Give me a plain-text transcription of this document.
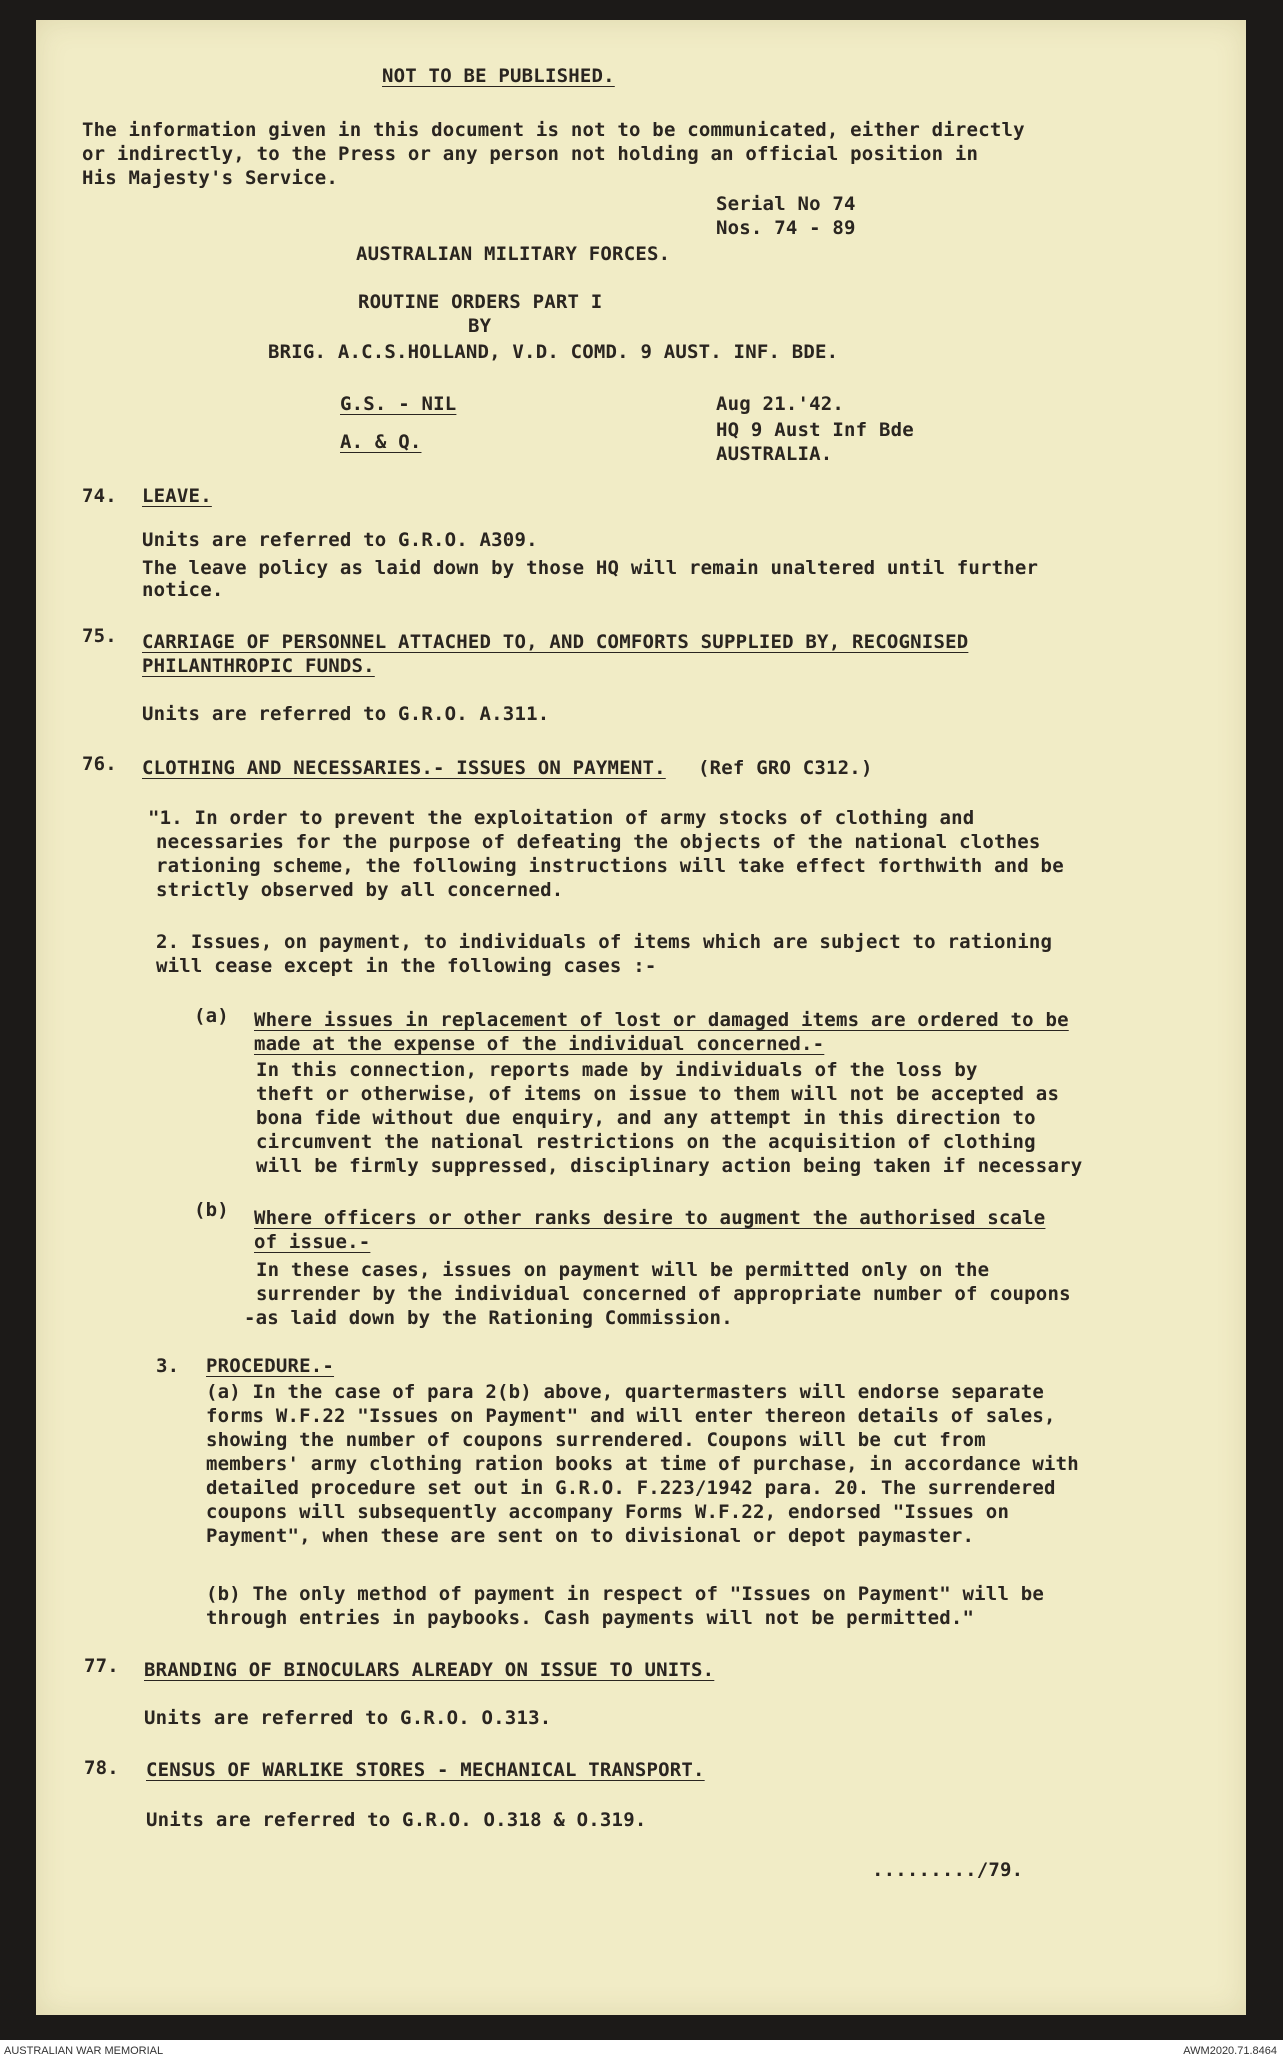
NOT TO BE PUBLISHED.
The information given in this document is not to be communicated, either directly
or indirectly, to the Press or any person not holding an official position in
His Majesty's Service.
Serial No 74
Nos. 74 - 89
AUSTRALIAN MILITARY FORCES.
ROUTINE ORDERS PART I
BY
BRIG. A.C.S.HOLLAND, V.D. COMD. 9 AUST. INF. BDE.
G.S. - NIL
A. & Q.
Aug 21.'42.
HQ 9 Aust Inf Bde
AUSTRALIA.
74. LEAVE.
Units are referred to G.R.O. A309.
The leave policy as laid down by those HQ will remain unaltered until further
notice.
75. CARRIAGE OF PERSONNEL ATTACHED TO, AND COMFORTS SUPPLIED BY, RECOGNISED
PHILANTHROPIC FUNDS.
Units are referred to G.R.O. A.311.
76. CLOTHING AND NECESSARIES.- ISSUES ON PAYMENT. (Ref GRO C312.)
"1. In order to prevent the exploitation of army stocks of clothing and
necessaries for the purpose of defeating the objects of the national clothes
rationing scheme, the following instructions will take effect forthwith and be
strictly observed by all concerned.
2. Issues, on payment, to individuals of items which are subject to rationing
will cease except in the following cases :-
(a) Where issues in replacement of lost or damaged items are ordered to be
made at the expense of the individual concerned.-
In this connection, reports made by individuals of the loss by
theft or otherwise, of items on issue to them will not be accepted as
bona fide without due enquiry, and any attempt in this direction to
circumvent the national restrictions on the acquisition of clothing
will be firmly suppressed, disciplinary action being taken if necessary
(b) Where officers or other ranks desire to augment the authorised scale
of issue.-
In these cases, issues on payment will be permitted only on the
surrender by the individual concerned of appropriate number of coupons
-as laid down by the Rationing Commission.
3. PROCEDURE.-
(a) In the case of para 2(b) above, quartermasters will endorse separate
forms W.F.22 "Issues on Payment" and will enter thereon details of sales,
showing the number of coupons surrendered. Coupons will be cut from
members' army clothing ration books at time of purchase, in accordance with
detailed procedure set out in G.R.O. F.223/1942 para. 20. The surrendered
coupons will subsequently accompany Forms W.F.22, endorsed "Issues on
Payment", when these are sent on to divisional or depot paymaster.
(b) The only method of payment in respect of "Issues on Payment" will be
through entries in paybooks. Cash payments will not be permitted."
77. BRANDING OF BINOCULARS ALREADY ON ISSUE TO UNITS.
Units are referred to G.R.O. O.313.
78. CENSUS OF WARLIKE STORES - MECHANICAL TRANSPORT.
Units are referred to G.R.O. O.318 & O.319.
........./79.
AUSTRALIAN WAR MEMORIAL	AWM2020.71.8464
